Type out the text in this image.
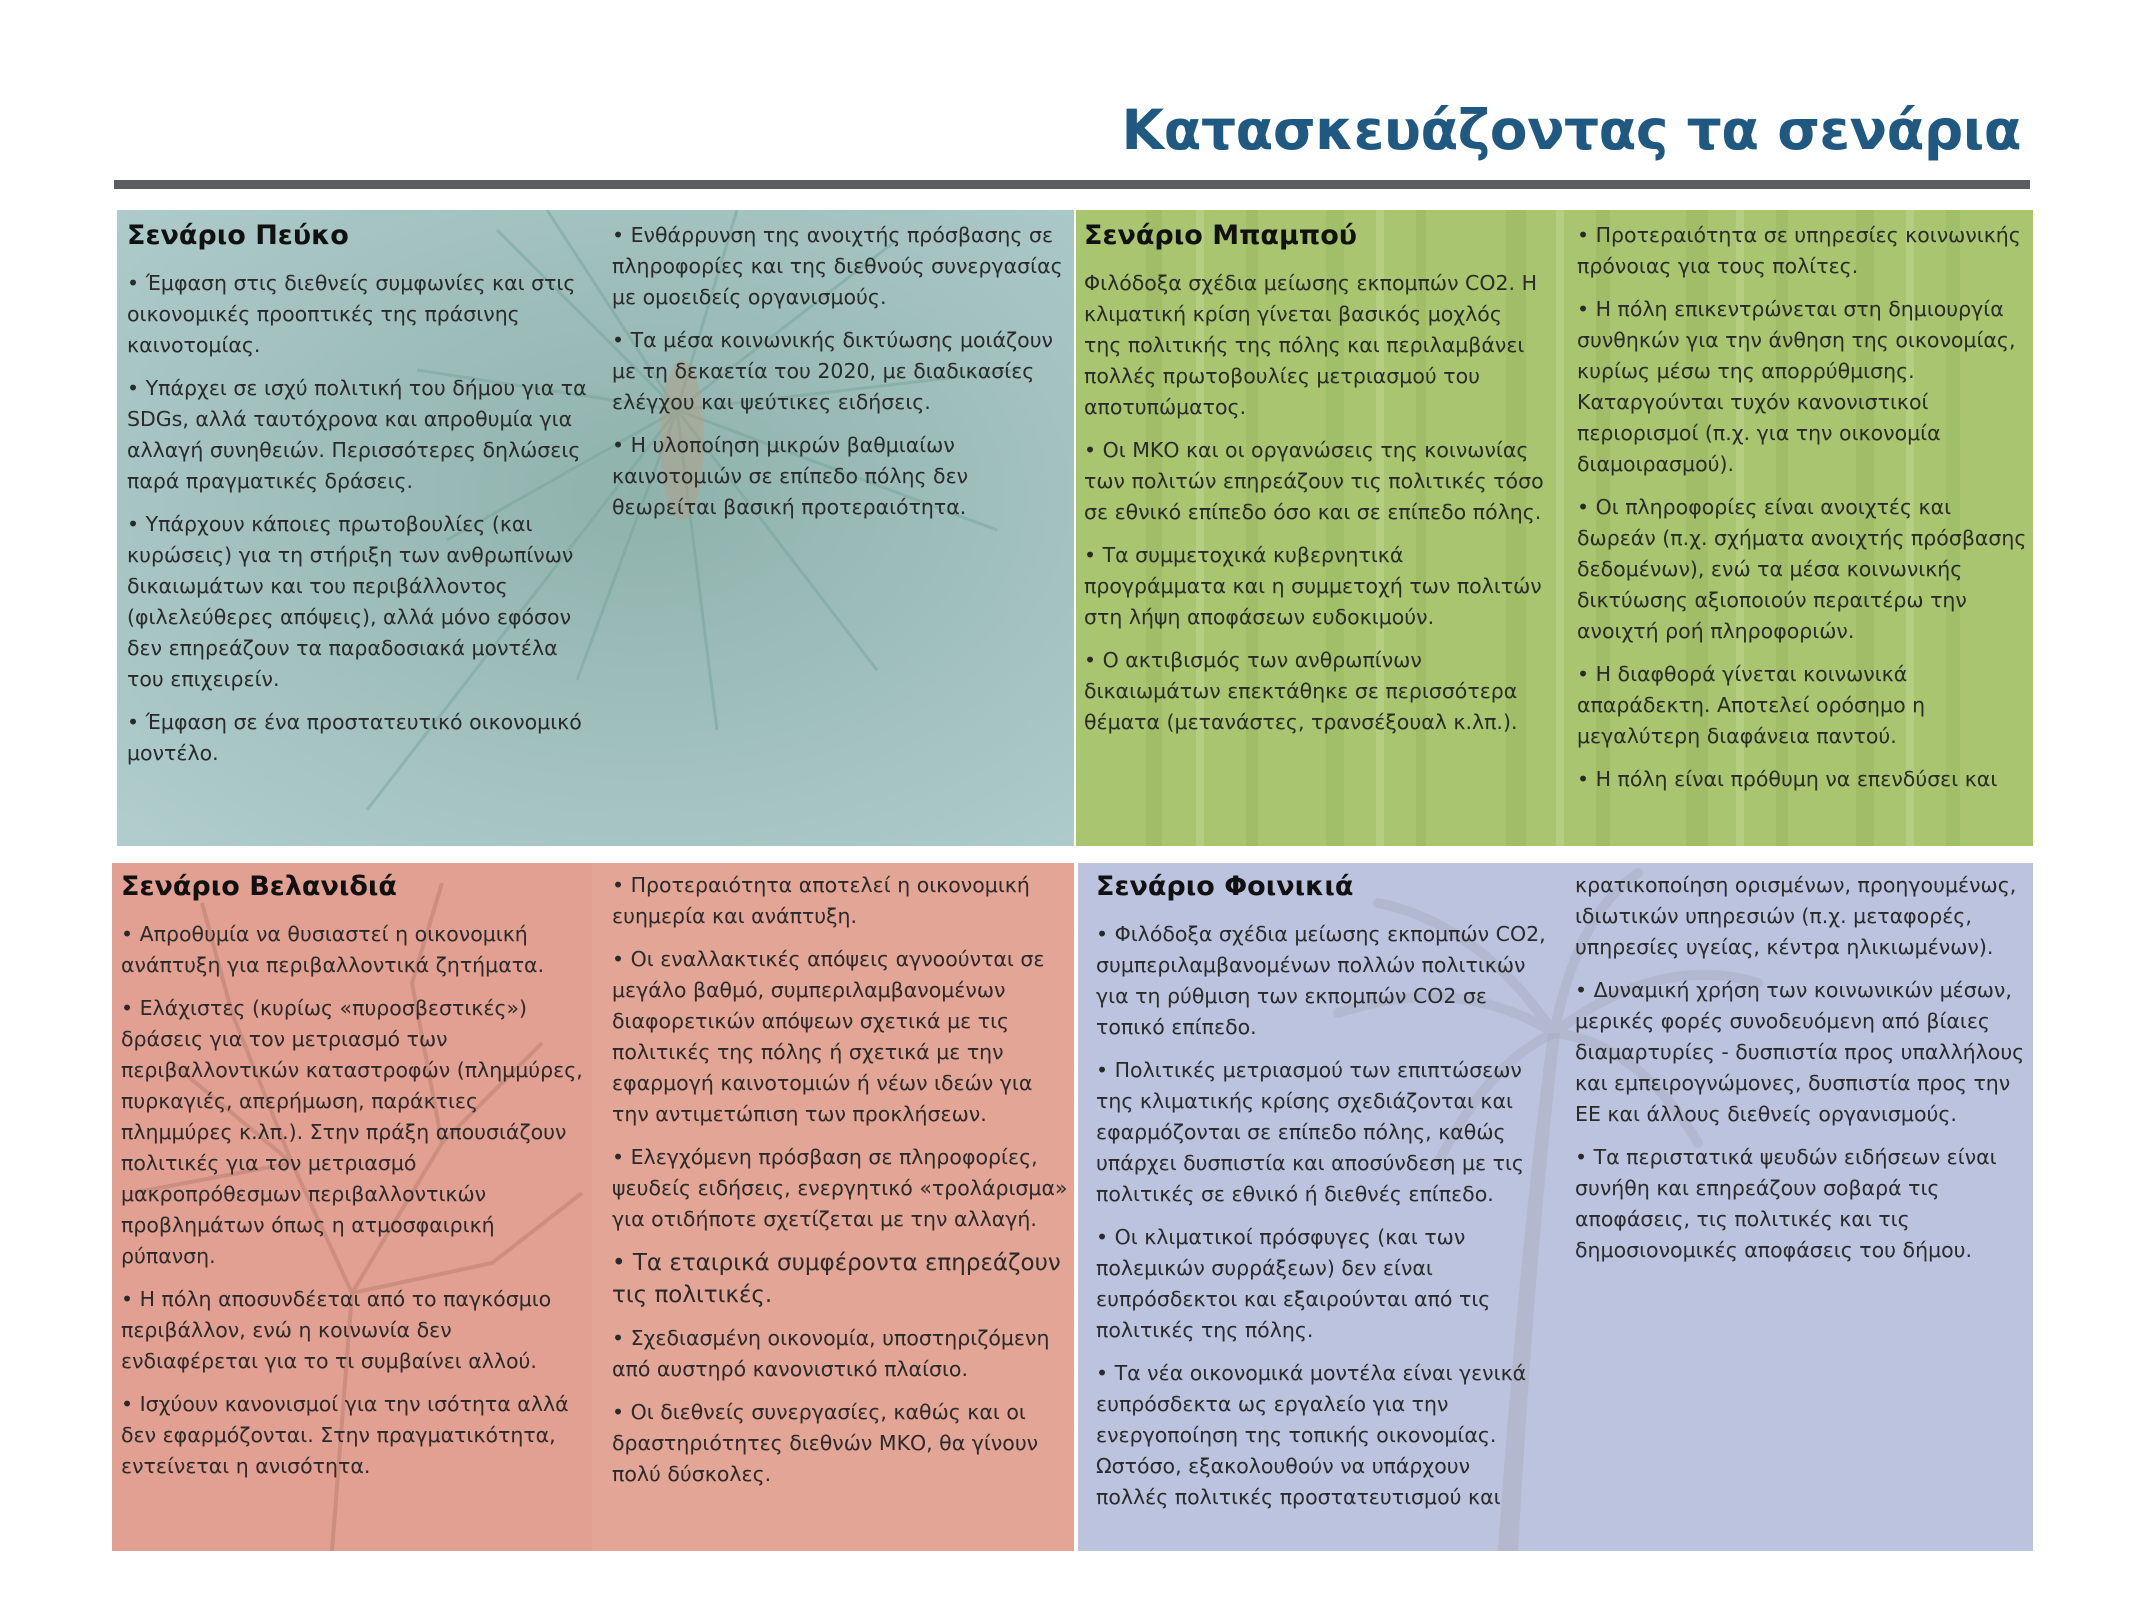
Κατασκευάζοντας τα σενάρια
Σενάριο Πεύκο

• Έμφαση στις διεθνείς συμφωνίες και στις οικονομικές προοπτικές της πράσινης καινοτομίας.

• Υπάρχει σε ισχύ πολιτική του δήμου για τα SDGs, αλλά ταυτόχρονα και απροθυμία για αλλαγή συνηθειών. Περισσότερες δηλώσεις παρά πραγματικές δράσεις.

• Υπάρχουν κάποιες πρωτοβουλίες (και κυρώσεις) για τη στήριξη των ανθρωπίνων δικαιωμάτων και του περιβάλλοντος (φιλελεύθερες απόψεις), αλλά μόνο εφόσον δεν επηρεάζουν τα παραδοσιακά μοντέλα του επιχειρείν.

• Έμφαση σε ένα προστατευτικό οικονομικό μοντέλο.

• Ενθάρρυνση της ανοιχτής πρόσβασης σε πληροφορίες και της διεθνούς συνεργασίας με ομοειδείς οργανισμούς.

• Τα μέσα κοινωνικής δικτύωσης μοιάζουν με τη δεκαετία του 2020, με διαδικασίες ελέγχου και ψεύτικες ειδήσεις.

• Η υλοποίηση μικρών βαθμιαίων καινοτομιών σε επίπεδο πόλης δεν θεωρείται βασική προτεραιότητα.

Σενάριο Μπαμπού

Φιλόδοξα σχέδια μείωσης εκπομπών CO2. Η κλιματική κρίση γίνεται βασικός μοχλός της πολιτικής της πόλης και περιλαμβάνει πολλές πρωτοβουλίες μετριασμού του αποτυπώματος.

• Οι ΜΚΟ και οι οργανώσεις της κοινωνίας των πολιτών επηρεάζουν τις πολιτικές τόσο σε εθνικό επίπεδο όσο και σε επίπεδο πόλης.

• Τα συμμετοχικά κυβερνητικά προγράμματα και η συμμετοχή των πολιτών στη λήψη αποφάσεων ευδοκιμούν.

• Ο ακτιβισμός των ανθρωπίνων δικαιωμάτων επεκτάθηκε σε περισσότερα θέματα (μετανάστες, τρανσέξουαλ κ.λπ.).

• Προτεραιότητα σε υπηρεσίες κοινωνικής πρόνοιας για τους πολίτες.

• Η πόλη επικεντρώνεται στη δημιουργία συνθηκών για την άνθηση της οικονομίας, κυρίως μέσω της απορρύθμισης. Καταργούνται τυχόν κανονιστικοί περιορισμοί (π.χ. για την οικονομία διαμοιρασμού).

• Οι πληροφορίες είναι ανοιχτές και δωρεάν (π.χ. σχήματα ανοιχτής πρόσβασης δεδομένων), ενώ τα μέσα κοινωνικής δικτύωσης αξιοποιούν περαιτέρω την ανοιχτή ροή πληροφοριών.

• Η διαφθορά γίνεται κοινωνικά απαράδεκτη. Αποτελεί ορόσημο η μεγαλύτερη διαφάνεια παντού.

• Η πόλη είναι πρόθυμη να επενδύσει και

Σενάριο Βελανιδιά

• Απροθυμία να θυσιαστεί η οικονομική ανάπτυξη για περιβαλλοντικά ζητήματα.

• Ελάχιστες (κυρίως «πυροσβεστικές») δράσεις για τον μετριασμό των περιβαλλοντικών καταστροφών (πλημμύρες, πυρκαγιές, απερήμωση, παράκτιες πλημμύρες κ.λπ.). Στην πράξη απουσιάζουν πολιτικές για τον μετριασμό μακροπρόθεσμων περιβαλλοντικών προβλημάτων όπως η ατμοσφαιρική ρύπανση.

• Η πόλη αποσυνδέεται από το παγκόσμιο περιβάλλον, ενώ η κοινωνία δεν ενδιαφέρεται για το τι συμβαίνει αλλού.

• Ισχύουν κανονισμοί για την ισότητα αλλά δεν εφαρμόζονται. Στην πραγματικότητα, εντείνεται η ανισότητα.

• Προτεραιότητα αποτελεί η οικονομική ευημερία και ανάπτυξη.

• Οι εναλλακτικές απόψεις αγνοούνται σε μεγάλο βαθμό, συμπεριλαμβανομένων διαφορετικών απόψεων σχετικά με τις πολιτικές της πόλης ή σχετικά με την εφαρμογή καινοτομιών ή νέων ιδεών για την αντιμετώπιση των προκλήσεων.

• Ελεγχόμενη πρόσβαση σε πληροφορίες, ψευδείς ειδήσεις, ενεργητικό «τρολάρισμα» για οτιδήποτε σχετίζεται με την αλλαγή.

• Τα εταιρικά συμφέροντα επηρεάζουν τις πολιτικές.

• Σχεδιασμένη οικονομία, υποστηριζόμενη από αυστηρό κανονιστικό πλαίσιο.

• Οι διεθνείς συνεργασίες, καθώς και οι δραστηριότητες διεθνών ΜΚΟ, θα γίνουν πολύ δύσκολες.

Σενάριο Φοινικιά

• Φιλόδοξα σχέδια μείωσης εκπομπών CO2, συμπεριλαμβανομένων πολλών πολιτικών για τη ρύθμιση των εκπομπών CO2 σε τοπικό επίπεδο.

• Πολιτικές μετριασμού των επιπτώσεων της κλιματικής κρίσης σχεδιάζονται και εφαρμόζονται σε επίπεδο πόλης, καθώς υπάρχει δυσπιστία και αποσύνδεση με τις πολιτικές σε εθνικό ή διεθνές επίπεδο.

• Οι κλιματικοί πρόσφυγες (και των πολεμικών συρράξεων) δεν είναι ευπρόσδεκτοι και εξαιρούνται από τις πολιτικές της πόλης.

• Τα νέα οικονομικά μοντέλα είναι γενικά ευπρόσδεκτα ως εργαλείο για την ενεργοποίηση της τοπικής οικονομίας. Ωστόσο, εξακολουθούν να υπάρχουν πολλές πολιτικές προστατευτισμού και

κρατικοποίηση ορισμένων, προηγουμένως, ιδιωτικών υπηρεσιών (π.χ. μεταφορές, υπηρεσίες υγείας, κέντρα ηλικιωμένων).

• Δυναμική χρήση των κοινωνικών μέσων, μερικές φορές συνοδευόμενη από βίαιες διαμαρτυρίες - δυσπιστία προς υπαλλήλους και εμπειρογνώμονες, δυσπιστία προς την ΕΕ και άλλους διεθνείς οργανισμούς.

• Τα περιστατικά ψευδών ειδήσεων είναι συνήθη και επηρεάζουν σοβαρά τις αποφάσεις, τις πολιτικές και τις δημοσιονομικές αποφάσεις του δήμου.
